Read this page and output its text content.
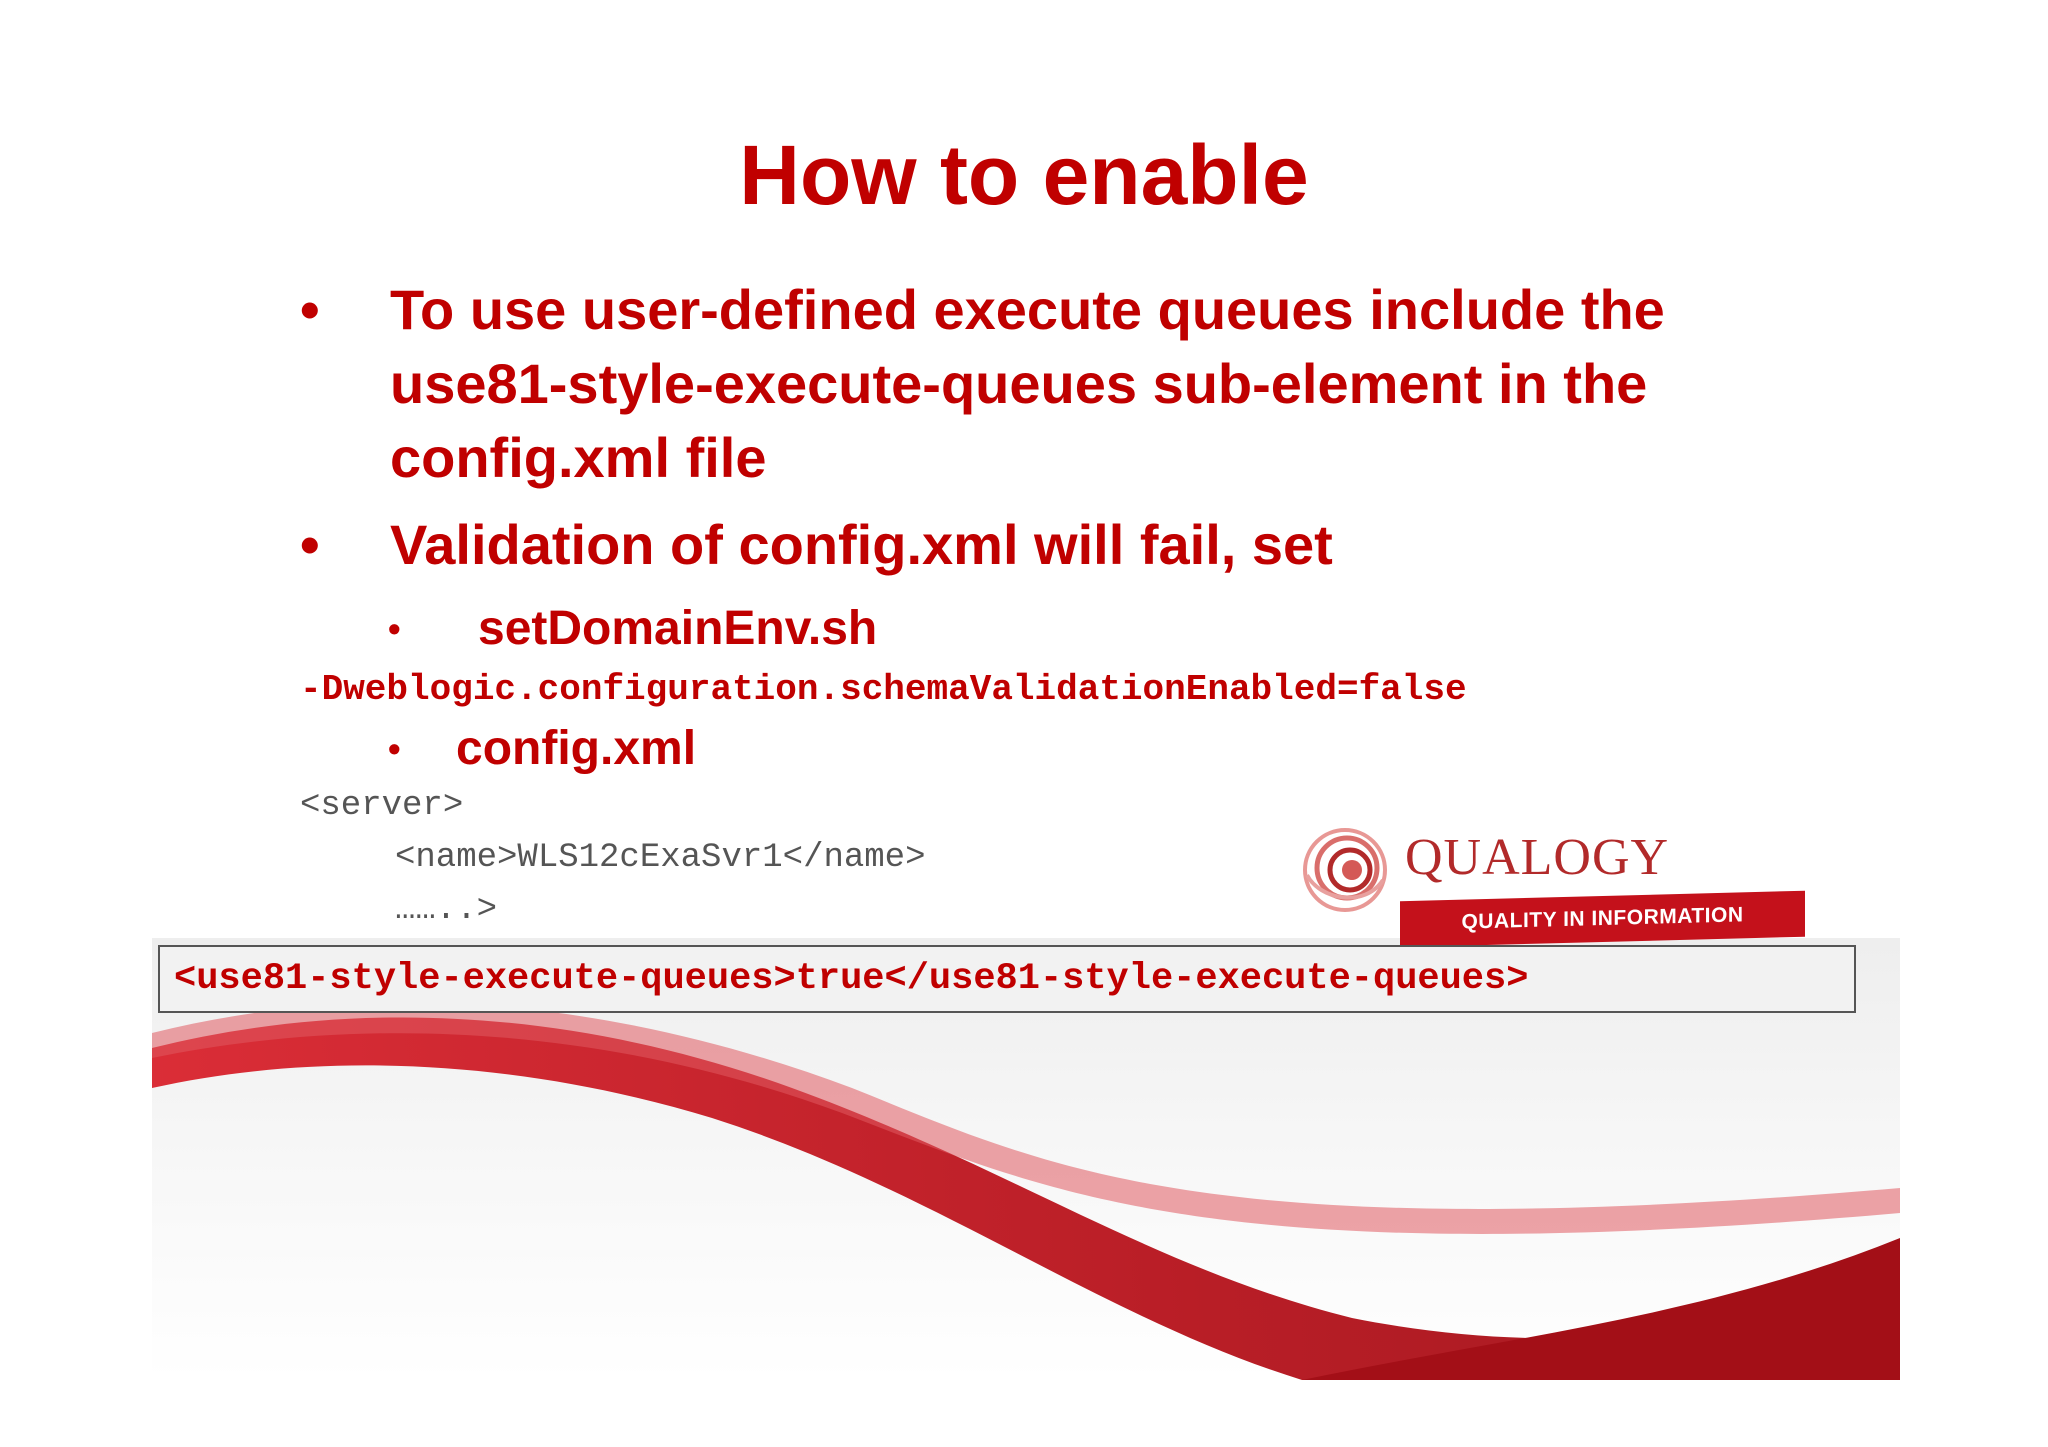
How to enable
• To use user-defined execute queues include the use81-style-execute-queues sub-element in the config.xml file
• Validation of config.xml will fail, set
• setDomainEnv.sh
-Dweblogic.configuration.schemaValidationEnabled=false
• config.xml
<server>
<name>WLS12cExaSvr1</name>
……..>
QUALOGY
QUALITY IN INFORMATION
<use81-style-execute-queues>true</use81-style-execute-queues>
